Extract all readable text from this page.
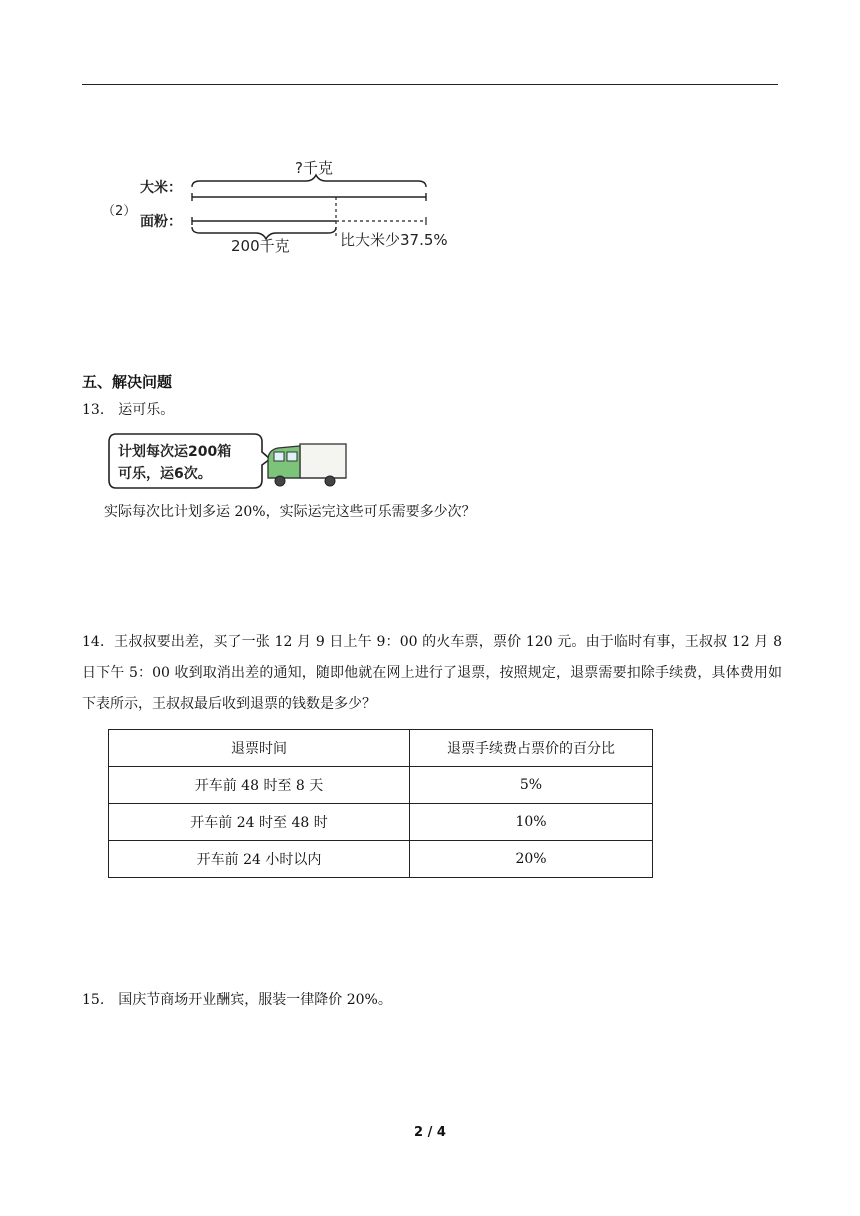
（2）
大米：
面粉：
?千克
200千克	比大米少37.5%
五、解决问题
13.　运可乐。
计划每次运200箱
可乐，运6次。
实际每次比计划多运 20%，实际运完这些可乐需要多少次？
14．王叔叔要出差，买了一张 12 月 9 日上午 9：00 的火车票，票价 120 元。由于临时有事，王叔叔 12 月 8 日下午 5：00 收到取消出差的通知，随即他就在网上进行了退票，按照规定，退票需要扣除手续费，具体费用如下表所示，王叔叔最后收到退票的钱数是多少？
退票时间	退票手续费占票价的百分比
开车前 48 时至 8 天	5%
开车前 24 时至 48 时	10%
开车前 24 小时以内	20%
15.　国庆节商场开业酬宾，服装一律降价 20%。
2 / 4
